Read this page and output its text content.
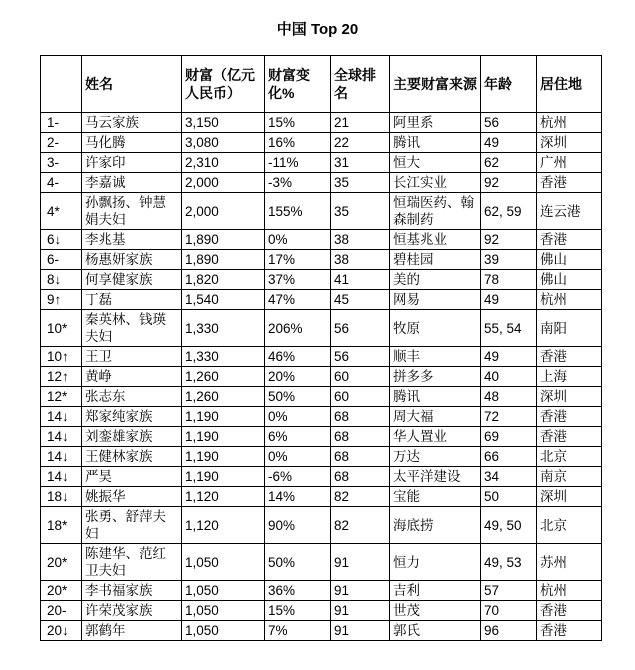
中国 Top 20
	姓名	财富（亿元人民币）	财富变化%	全球排名	主要财富来源	年龄	居住地
1-	马云家族	3,150	15%	21	阿里系	56	杭州
2-	马化腾	3,080	16%	22	腾讯	49	深圳
3-	许家印	2,310	-11%	31	恒大	62	广州
4-	李嘉诚	2,000	-3%	35	长江实业	92	香港
4*	孙飘扬、钟慧娟夫妇	2,000	155%	35	恒瑞医药、翰森制药	62, 59	连云港
6↓	李兆基	1,890	0%	38	恒基兆业	92	香港
6-	杨惠妍家族	1,890	17%	38	碧桂园	39	佛山
8↓	何享健家族	1,820	37%	41	美的	78	佛山
9↑	丁磊	1,540	47%	45	网易	49	杭州
10*	秦英林、钱瑛夫妇	1,330	206%	56	牧原	55, 54	南阳
10↑	王卫	1,330	46%	56	顺丰	49	香港
12↑	黄峥	1,260	20%	60	拼多多	40	上海
12*	张志东	1,260	50%	60	腾讯	48	深圳
14↓	郑家纯家族	1,190	0%	68	周大福	72	香港
14↓	刘銮雄家族	1,190	6%	68	华人置业	69	香港
14↓	王健林家族	1,190	0%	68	万达	66	北京
14↓	严昊	1,190	-6%	68	太平洋建设	34	南京
18↓	姚振华	1,120	14%	82	宝能	50	深圳
18*	张勇、舒萍夫妇	1,120	90%	82	海底捞	49, 50	北京
20*	陈建华、范红卫夫妇	1,050	50%	91	恒力	49, 53	苏州
20*	李书福家族	1,050	36%	91	吉利	57	杭州
20-	许荣茂家族	1,050	15%	91	世茂	70	香港
20↓	郭鹤年	1,050	7%	91	郭氏	96	香港
